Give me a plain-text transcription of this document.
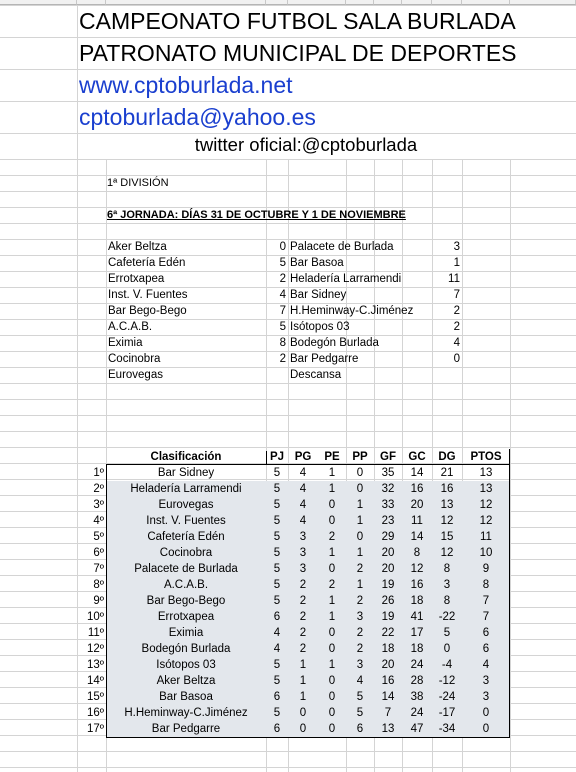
CAMPEONATO FUTBOL SALA BURLADA
PATRONATO MUNICIPAL DE DEPORTES
www.cptoburlada.net
cptoburlada@yahoo.es
twitter oficial:@cptoburlada
1ª DIVISIÓN
6ª JORNADA: DÍAS 31 DE OCTUBRE Y 1 DE NOVIEMBRE
Aker Beltza	0 Palacete de Burlada	3
Cafetería Edén	5 Bar Basoa	1
Errotxapea	2 Heladería Larramendi	11
Inst. V. Fuentes	4 Bar Sidney	7
Bar Bego-Bego	7 H.Heminway-C.Jiménez	2
A.C.A.B.	5 Isótopos 03	2
Eximia	8 Bodegón Burlada	4
Cocinobra	2 Bar Pedgarre	0
Eurovegas	Descansa
Clasificación	PJ PG	PE	PP	GF	GC	DG	PTOS
1º	Bar Sidney	5	4	1	0	35	14	21	13
2º	Heladería Larramendi	5	4	1	0	32	16	16	13
3º	Eurovegas	5	4	0	1	33	20	13	12
4º	Inst. V. Fuentes	5	4	0	1	23	11	12	12
5º	Cafetería Edén	5	3	2	0	29	14	15	11
6º	Cocinobra	5	3	1	1	20	8	12	10
7º	Palacete de Burlada	5	3	0	2	20	12	8	9
8º	A.C.A.B.	5	2	2	1	19	16	3	8
9º	Bar Bego-Bego	5	2	1	2	26	18	8	7
10º	Errotxapea	6	2	1	3	19	41	-22	7
11º	Eximia	4	2	0	2	22	17	5	6
12º	Bodegón Burlada	4	2	0	2	18	18	0	6
13º	Isótopos 03	5	1	1	3	20	24	-4	4
14º	Aker Beltza	5	1	0	4	16	28	-12	3
15º	Bar Basoa	6	1	0	5	14	38	-24	3
16º	H.Heminway-C.Jiménez	5	0	0	5	7	24	-17	0
17º	Bar Pedgarre	6	0	0	6	13	47	-34	0
